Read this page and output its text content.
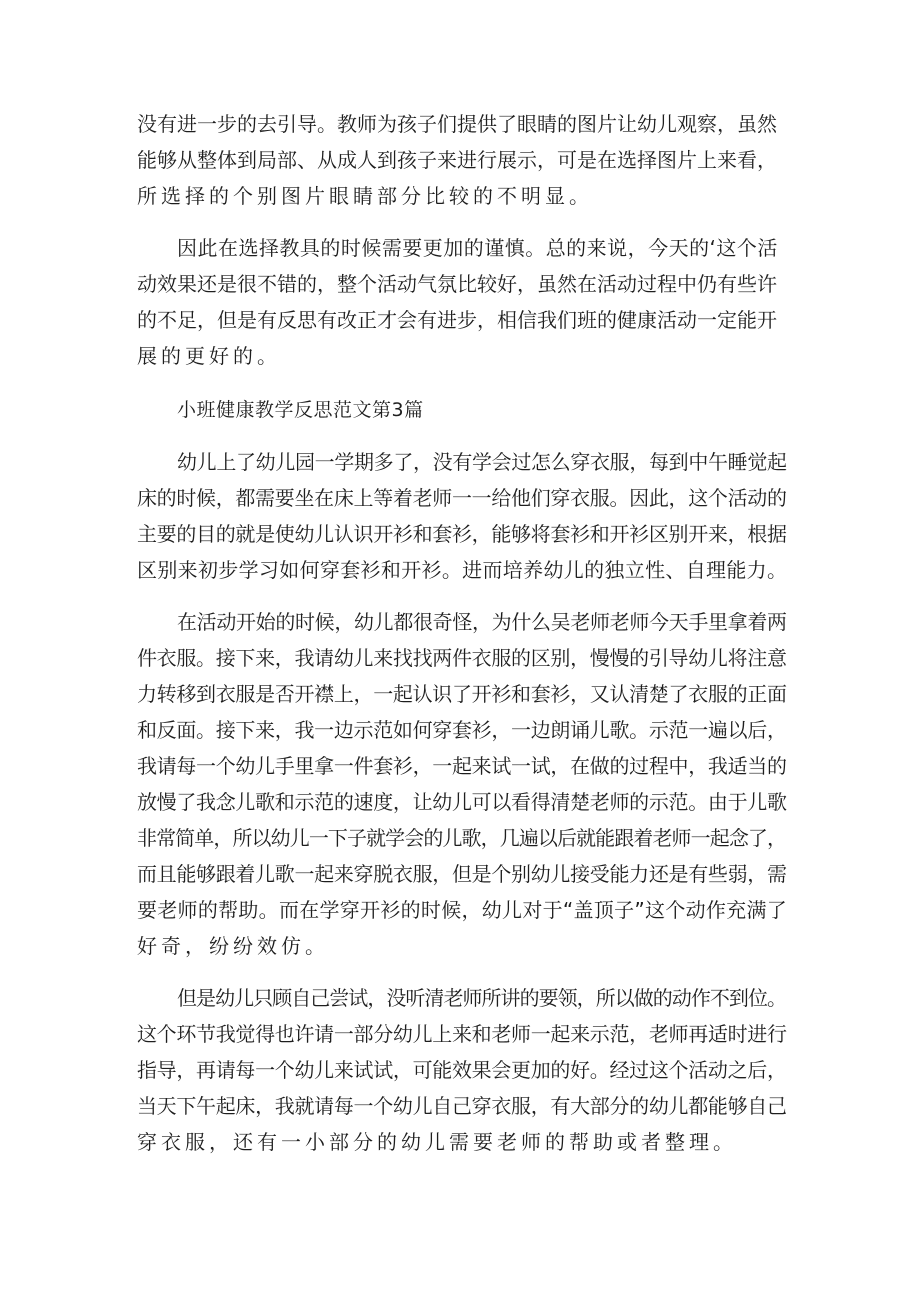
没有进一步的去引导。教师为孩子们提供了眼睛的图片让幼儿观察，虽然
能够从整体到局部、从成人到孩子来进行展示，可是在选择图片上来看，
所选择的个别图片眼睛部分比较的不明显。
因此在选择教具的时候需要更加的谨慎。总的来说，今天的‘这个活
动效果还是很不错的，整个活动气氛比较好，虽然在活动过程中仍有些许
的不足，但是有反思有改正才会有进步，相信我们班的健康活动一定能开
展的更好的。
小班健康教学反思范文第3篇
幼儿上了幼儿园一学期多了，没有学会过怎么穿衣服，每到中午睡觉起
床的时候，都需要坐在床上等着老师一一给他们穿衣服。因此，这个活动的
主要的目的就是使幼儿认识开衫和套衫，能够将套衫和开衫区别开来，根据
区别来初步学习如何穿套衫和开衫。进而培养幼儿的独立性、自理能力。
在活动开始的时候，幼儿都很奇怪，为什么吴老师老师今天手里拿着两
件衣服。接下来，我请幼儿来找找两件衣服的区别，慢慢的引导幼儿将注意
力转移到衣服是否开襟上，一起认识了开衫和套衫，又认清楚了衣服的正面
和反面。接下来，我一边示范如何穿套衫，一边朗诵儿歌。示范一遍以后，
我请每一个幼儿手里拿一件套衫，一起来试一试，在做的过程中，我适当的
放慢了我念儿歌和示范的速度，让幼儿可以看得清楚老师的示范。由于儿歌
非常简单，所以幼儿一下子就学会的儿歌，几遍以后就能跟着老师一起念了，
而且能够跟着儿歌一起来穿脱衣服，但是个别幼儿接受能力还是有些弱，需
要老师的帮助。而在学穿开衫的时候，幼儿对于“盖顶子”这个动作充满了
好奇，纷纷效仿。
但是幼儿只顾自己尝试，没听清老师所讲的要领，所以做的动作不到位。
这个环节我觉得也许请一部分幼儿上来和老师一起来示范，老师再适时进行
指导，再请每一个幼儿来试试，可能效果会更加的好。经过这个活动之后，
当天下午起床，我就请每一个幼儿自己穿衣服，有大部分的幼儿都能够自己
穿衣服，还有一小部分的幼儿需要老师的帮助或者整理。
